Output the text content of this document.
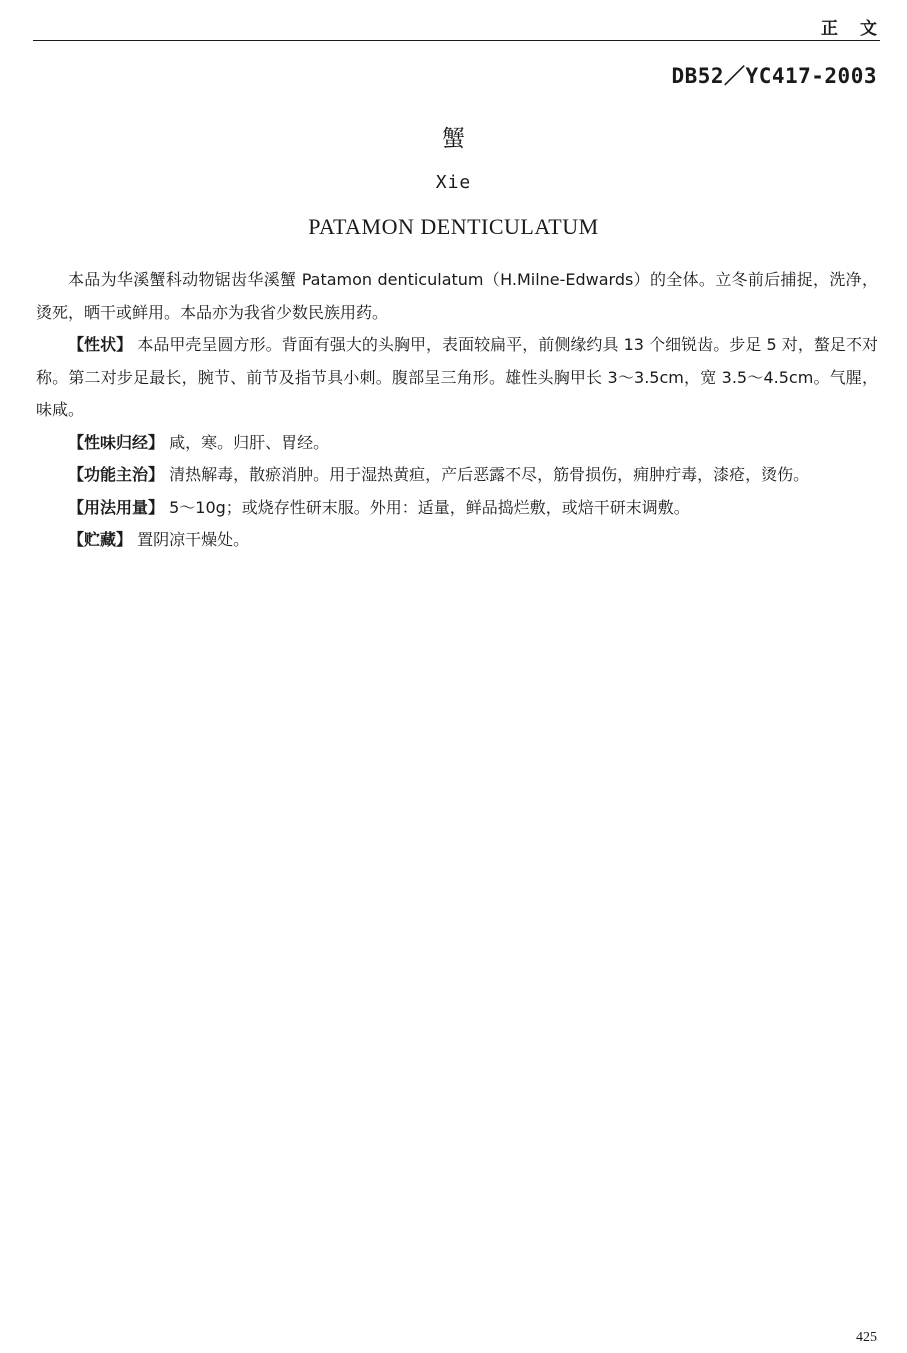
正文
DB52／YC417-2003
蟹
Xie
PATAMON DENTICULATUM

本品为华溪蟹科动物锯齿华溪蟹 Patamon denticulatum（H.Milne-Edwards）的全体。立冬前后捕捉，洗净，烫死，晒干或鲜用。本品亦为我省少数民族用药。

【性状】 本品甲壳呈圆方形。背面有强大的头胸甲，表面较扁平，前侧缘约具 13 个细锐齿。步足 5 对，螯足不对称。第二对步足最长，腕节、前节及指节具小刺。腹部呈三角形。雄性头胸甲长 3～3.5cm，宽 3.5～4.5cm。气腥，味咸。

【性味归经】 咸，寒。归肝、胃经。

【功能主治】 清热解毒，散瘀消肿。用于湿热黄疸，产后恶露不尽，筋骨损伤，痈肿疔毒，漆疮，烫伤。

【用法用量】 5～10g；或烧存性研末服。外用：适量，鲜品捣烂敷，或焙干研末调敷。

【贮藏】 置阴凉干燥处。

425
